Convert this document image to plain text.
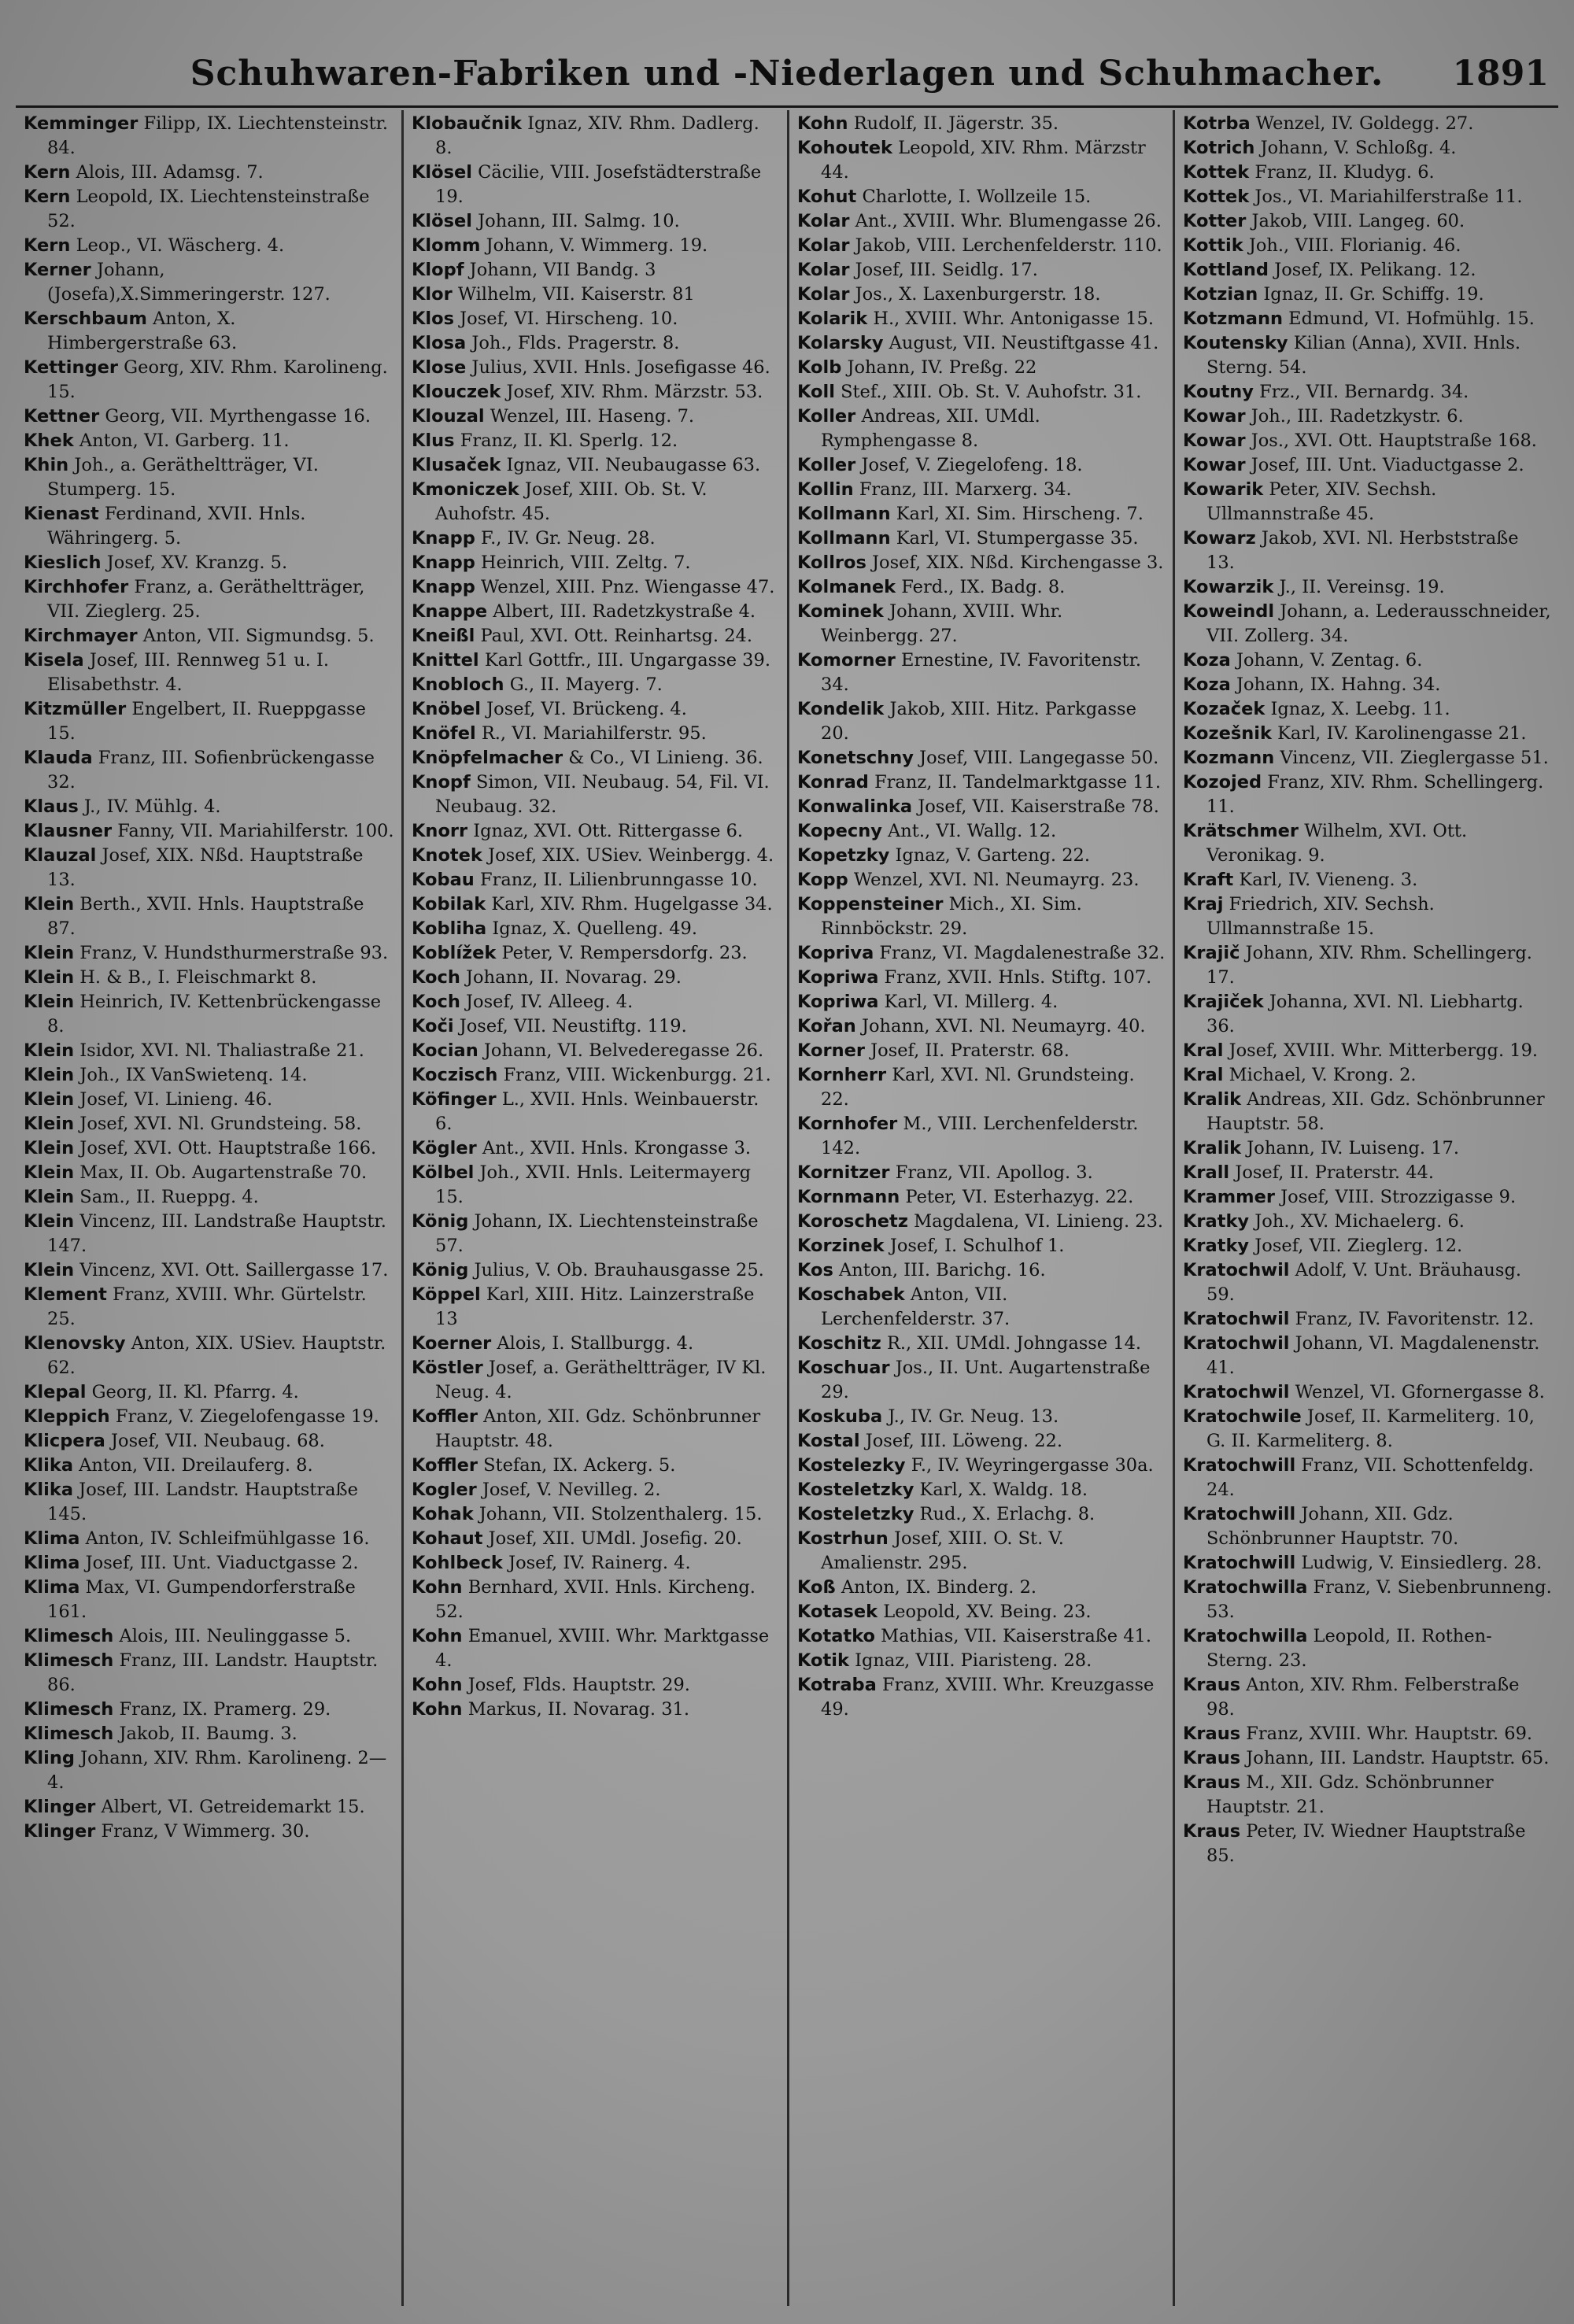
Schuhwaren-Fabriken und -Niederlagen und Schuhmacher.	1891
Kemminger Filipp, IX. Liechtensteinstr. 84.
Kern Alois, III. Adamsg. 7.
Kern Leopold, IX. Liechtensteinstraße 52.
Kern Leop., VI. Wäscherg. 4.
Kerner Johann,(Josefa),X.Simmeringerstr. 127.
Kerschbaum Anton, X. Himbergerstraße 63.
Kettinger Georg, XIV. Rhm. Karolineng. 15.
Kettner Georg, VII. Myrthengasse 16.
Khek Anton, VI. Garberg. 11.
Khin Joh., a. Gerätheltträger, VI. Stumperg. 15.
Kienast Ferdinand, XVII. Hnls. Währingerg. 5.
Kieslich Josef, XV. Kranzg. 5.
Kirchhofer Franz, a. Gerätheltträger, VII. Zieglerg. 25.
Kirchmayer Anton, VII. Sigmundsg. 5.
Kisela Josef, III. Rennweg 51 u. I. Elisabethstr. 4.
Kitzmüller Engelbert, II. Rueppgasse 15.
Klauda Franz, III. Sofienbrückengasse 32.
Klaus J., IV. Mühlg. 4.
Klausner Fanny, VII. Mariahilferstr. 100.
Klauzal Josef, XIX. Nßd. Hauptstraße 13.
Klein Berth., XVII. Hnls. Hauptstraße 87.
Klein Franz, V. Hundsthurmerstraße 93.
Klein H. & B., I. Fleischmarkt 8.
Klein Heinrich, IV. Kettenbrückengasse 8.
Klein Isidor, XVI. Nl. Thaliastraße 21.
Klein Joh., IX VanSwietenq. 14.
Klein Josef, VI. Linieng. 46.
Klein Josef, XVI. Nl. Grundsteing. 58.
Klein Josef, XVI. Ott. Hauptstraße 166.
Klein Max, II. Ob. Augartenstraße 70.
Klein Sam., II. Rueppg. 4.
Klein Vincenz, III. Landstraße Hauptstr. 147.
Klein Vincenz, XVI. Ott. Saillergasse 17.
Klement Franz, XVIII. Whr. Gürtelstr. 25.
Klenovsky Anton, XIX. USiev. Hauptstr. 62.
Klepal Georg, II. Kl. Pfarrg. 4.
Kleppich Franz, V. Ziegelofengasse 19.
Klicpera Josef, VII. Neubaug. 68.
Klika Anton, VII. Dreilauferg. 8.
Klika Josef, III. Landstr. Hauptstraße 145.
Klima Anton, IV. Schleifmühlgasse 16.
Klima Josef, III. Unt. Viaductgasse 2.
Klima Max, VI. Gumpendorferstraße 161.
Klimesch Alois, III. Neulinggasse 5.
Klimesch Franz, III. Landstr. Hauptstr. 86.
Klimesch Franz, IX. Pramerg. 29.
Klimesch Jakob, II. Baumg. 3.
Kling Johann, XIV. Rhm. Karolineng. 2—4.
Klinger Albert, VI. Getreidemarkt 15.
Klinger Franz, V Wimmerg. 30.
Klobaučnik Ignaz, XIV. Rhm. Dadlerg. 8.
Klösel Cäcilie, VIII. Josefstädterstraße 19.
Klösel Johann, III. Salmg. 10.
Klomm Johann, V. Wimmerg. 19.
Klopf Johann, VII Bandg. 3
Klor Wilhelm, VII. Kaiserstr. 81
Klos Josef, VI. Hirscheng. 10.
Klosa Joh., Flds. Pragerstr. 8.
Klose Julius, XVII. Hnls. Josefigasse 46.
Klouczek Josef, XIV. Rhm. Märzstr. 53.
Klouzal Wenzel, III. Haseng. 7.
Klus Franz, II. Kl. Sperlg. 12.
Klusaček Ignaz, VII. Neubaugasse 63.
Kmoniczek Josef, XIII. Ob. St. V. Auhofstr. 45.
Knapp F., IV. Gr. Neug. 28.
Knapp Heinrich, VIII. Zeltg. 7.
Knapp Wenzel, XIII. Pnz. Wiengasse 47.
Knappe Albert, III. Radetzkystraße 4.
Kneißl Paul, XVI. Ott. Reinhartsg. 24.
Knittel Karl Gottfr., III. Ungargasse 39.
Knobloch G., II. Mayerg. 7.
Knöbel Josef, VI. Brückeng. 4.
Knöfel R., VI. Mariahilferstr. 95.
Knöpfelmacher & Co., VI Linieng. 36.
Knopf Simon, VII. Neubaug. 54, Fil. VI. Neubaug. 32.
Knorr Ignaz, XVI. Ott. Rittergasse 6.
Knotek Josef, XIX. USiev. Weinbergg. 4.
Kobau Franz, II. Lilienbrunngasse 10.
Kobilak Karl, XIV. Rhm. Hugelgasse 34.
Kobliha Ignaz, X. Quelleng. 49.
Koblížek Peter, V. Rempersdorfg. 23.
Koch Johann, II. Novarag. 29.
Koch Josef, IV. Alleeg. 4.
Koči Josef, VII. Neustiftg. 119.
Kocian Johann, VI. Belvederegasse 26.
Koczisch Franz, VIII. Wickenburgg. 21.
Köfinger L., XVII. Hnls. Weinbauerstr. 6.
Kögler Ant., XVII. Hnls. Krongasse 3.
Kölbel Joh., XVII. Hnls. Leitermayerg 15.
König Johann, IX. Liechtensteinstraße 57.
König Julius, V. Ob. Brauhausgasse 25.
Köppel Karl, XIII. Hitz. Lainzerstraße 13
Koerner Alois, I. Stallburgg. 4.
Köstler Josef, a. Gerätheltträger, IV Kl. Neug. 4.
Koffler Anton, XII. Gdz. Schönbrunner Hauptstr. 48.
Koffler Stefan, IX. Ackerg. 5.
Kogler Josef, V. Nevilleg. 2.
Kohak Johann, VII. Stolzenthalerg. 15.
Kohaut Josef, XII. UMdl. Josefig. 20.
Kohlbeck Josef, IV. Rainerg. 4.
Kohn Bernhard, XVII. Hnls. Kircheng. 52.
Kohn Emanuel, XVIII. Whr. Marktgasse 4.
Kohn Josef, Flds. Hauptstr. 29.
Kohn Markus, II. Novarag. 31.
Kohn Rudolf, II. Jägerstr. 35.
Kohoutek Leopold, XIV. Rhm. Märzstr 44.
Kohut Charlotte, I. Wollzeile 15.
Kolar Ant., XVIII. Whr. Blumengasse 26.
Kolar Jakob, VIII. Lerchenfelderstr. 110.
Kolar Josef, III. Seidlg. 17.
Kolar Jos., X. Laxenburgerstr. 18.
Kolarik H., XVIII. Whr. Antonigasse 15.
Kolarsky August, VII. Neustiftgasse 41.
Kolb Johann, IV. Preßg. 22
Koll Stef., XIII. Ob. St. V. Auhofstr. 31.
Koller Andreas, XII. UMdl. Rymphengasse 8.
Koller Josef, V. Ziegelofeng. 18.
Kollin Franz, III. Marxerg. 34.
Kollmann Karl, XI. Sim. Hirscheng. 7.
Kollmann Karl, VI. Stumpergasse 35.
Kollros Josef, XIX. Nßd. Kirchengasse 3.
Kolmanek Ferd., IX. Badg. 8.
Kominek Johann, XVIII. Whr. Weinbergg. 27.
Komorner Ernestine, IV. Favoritenstr. 34.
Kondelik Jakob, XIII. Hitz. Parkgasse 20.
Konetschny Josef, VIII. Langegasse 50.
Konrad Franz, II. Tandelmarktgasse 11.
Konwalinka Josef, VII. Kaiserstraße 78.
Kopecny Ant., VI. Wallg. 12.
Kopetzky Ignaz, V. Garteng. 22.
Kopp Wenzel, XVI. Nl. Neumayrg. 23.
Koppensteiner Mich., XI. Sim. Rinnböckstr. 29.
Kopriva Franz, VI. Magdalenestraße 32.
Kopriwa Franz, XVII. Hnls. Stiftg. 107.
Kopriwa Karl, VI. Millerg. 4.
Kořan Johann, XVI. Nl. Neumayrg. 40.
Korner Josef, II. Praterstr. 68.
Kornherr Karl, XVI. Nl. Grundsteing. 22.
Kornhofer M., VIII. Lerchenfelderstr. 142.
Kornitzer Franz, VII. Apollog. 3.
Kornmann Peter, VI. Esterhazyg. 22.
Koroschetz Magdalena, VI. Linieng. 23.
Korzinek Josef, I. Schulhof 1.
Kos Anton, III. Barichg. 16.
Koschabek Anton, VII. Lerchenfelderstr. 37.
Koschitz R., XII. UMdl. Johngasse 14.
Koschuar Jos., II. Unt. Augartenstraße 29.
Koskuba J., IV. Gr. Neug. 13.
Kostal Josef, III. Löweng. 22.
Kostelezky F., IV. Weyringergasse 30a.
Kosteletzky Karl, X. Waldg. 18.
Kosteletzky Rud., X. Erlachg. 8.
Kostrhun Josef, XIII. O. St. V. Amalienstr. 295.
Koß Anton, IX. Binderg. 2.
Kotasek Leopold, XV. Being. 23.
Kotatko Mathias, VII. Kaiserstraße 41.
Kotik Ignaz, VIII. Piaristeng. 28.
Kotraba Franz, XVIII. Whr. Kreuzgasse 49.
Kotrba Wenzel, IV. Goldegg. 27.
Kotrich Johann, V. Schloßg. 4.
Kottek Franz, II. Kludyg. 6.
Kottek Jos., VI. Mariahilferstraße 11.
Kotter Jakob, VIII. Langeg. 60.
Kottik Joh., VIII. Florianig. 46.
Kottland Josef, IX. Pelikang. 12.
Kotzian Ignaz, II. Gr. Schiffg. 19.
Kotzmann Edmund, VI. Hofmühlg. 15.
Koutensky Kilian (Anna), XVII. Hnls. Sterng. 54.
Koutny Frz., VII. Bernardg. 34.
Kowar Joh., III. Radetzkystr. 6.
Kowar Jos., XVI. Ott. Hauptstraße 168.
Kowar Josef, III. Unt. Viaductgasse 2.
Kowarik Peter, XIV. Sechsh. Ullmannstraße 45.
Kowarz Jakob, XVI. Nl. Herbststraße 13.
Kowarzik J., II. Vereinsg. 19.
Koweindl Johann, a. Lederausschneider, VII. Zollerg. 34.
Koza Johann, V. Zentag. 6.
Koza Johann, IX. Hahng. 34.
Kozaček Ignaz, X. Leebg. 11.
Kozešnik Karl, IV. Karolinengasse 21.
Kozmann Vincenz, VII. Zieglergasse 51.
Kozojed Franz, XIV. Rhm. Schellingerg. 11.
Krätschmer Wilhelm, XVI. Ott. Veronikag. 9.
Kraft Karl, IV. Vieneng. 3.
Kraj Friedrich, XIV. Sechsh. Ullmannstraße 15.
Krajič Johann, XIV. Rhm. Schellingerg. 17.
Krajiček Johanna, XVI. Nl. Liebhartg. 36.
Kral Josef, XVIII. Whr. Mitterbergg. 19.
Kral Michael, V. Krong. 2.
Kralik Andreas, XII. Gdz. Schönbrunner Hauptstr. 58.
Kralik Johann, IV. Luiseng. 17.
Krall Josef, II. Praterstr. 44.
Krammer Josef, VIII. Strozzigasse 9.
Kratky Joh., XV. Michaelerg. 6.
Kratky Josef, VII. Zieglerg. 12.
Kratochwil Adolf, V. Unt. Bräuhausg. 59.
Kratochwil Franz, IV. Favoritenstr. 12.
Kratochwil Johann, VI. Magdalenenstr. 41.
Kratochwil Wenzel, VI. Gfornergasse 8.
Kratochwile Josef, II. Karmeliterg. 10, G. II. Karmeliterg. 8.
Kratochwill Franz, VII. Schottenfeldg. 24.
Kratochwill Johann, XII. Gdz. Schönbrunner Hauptstr. 70.
Kratochwill Ludwig, V. Einsiedlerg. 28.
Kratochwilla Franz, V. Siebenbrunneng. 53.
Kratochwilla Leopold, II. Rothen-Sterng. 23.
Kraus Anton, XIV. Rhm. Felberstraße 98.
Kraus Franz, XVIII. Whr. Hauptstr. 69.
Kraus Johann, III. Landstr. Hauptstr. 65.
Kraus M., XII. Gdz. Schönbrunner Hauptstr. 21.
Kraus Peter, IV. Wiedner Hauptstraße 85.
